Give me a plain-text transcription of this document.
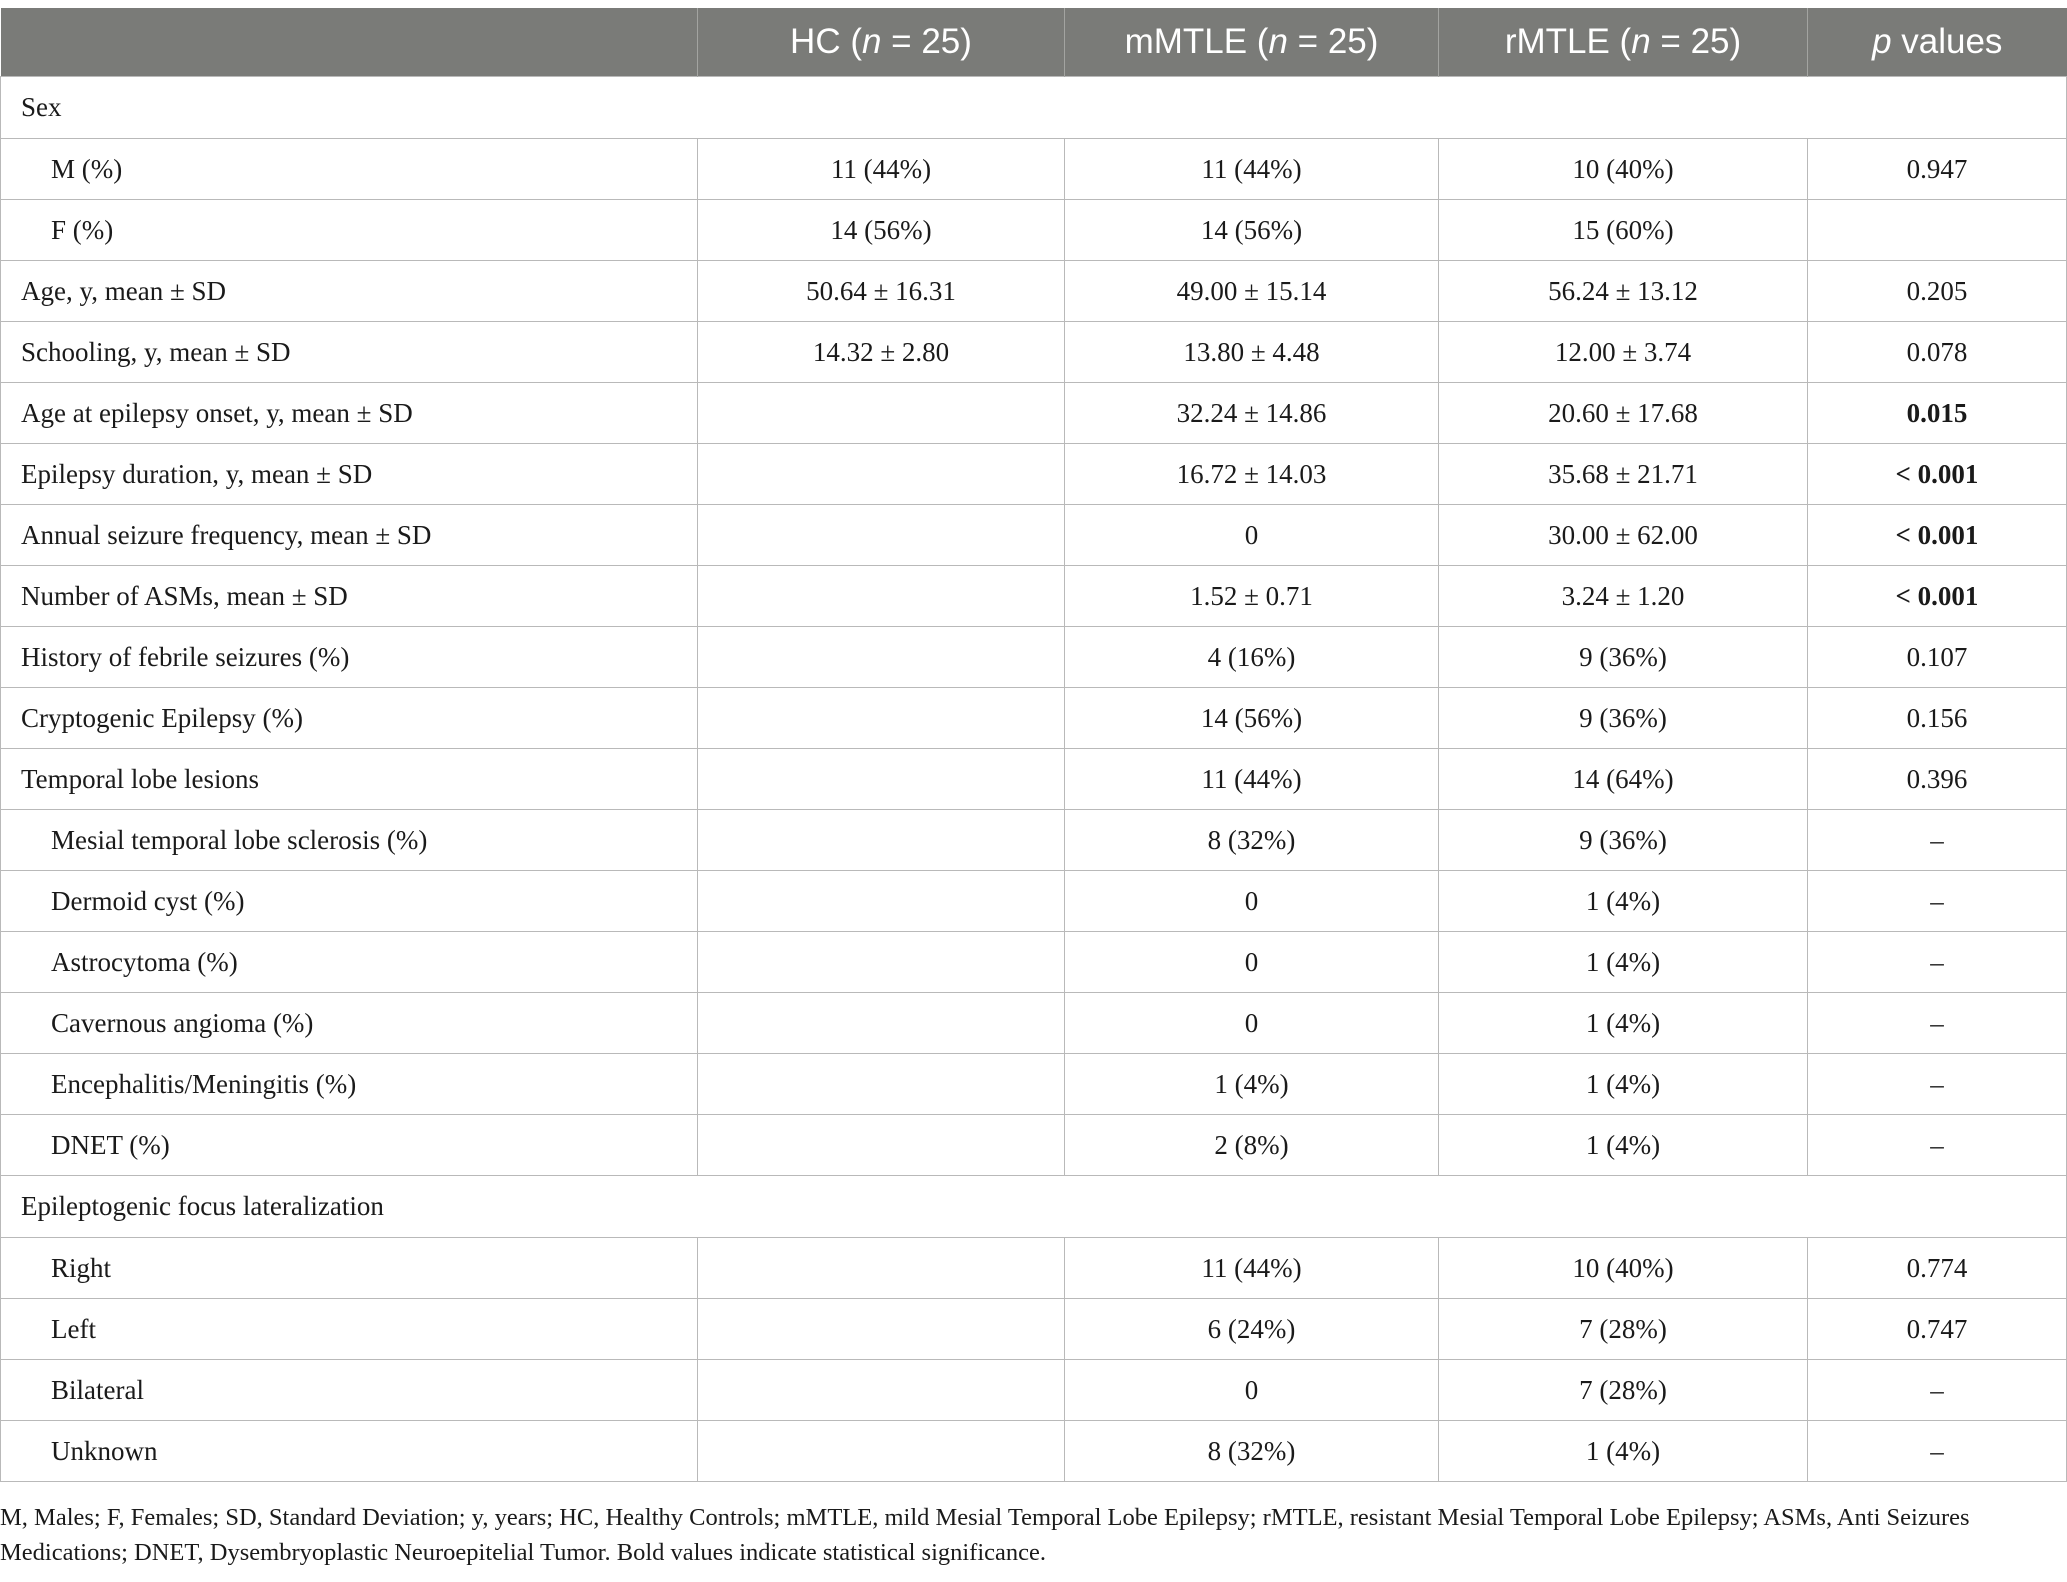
	HC (n = 25)	mMTLE (n = 25)	rMTLE (n = 25)	p values
Sex				
M (%)	11 (44%)	11 (44%)	10 (40%)	0.947
F (%)	14 (56%)	14 (56%)	15 (60%)	
Age, y, mean ± SD	50.64 ± 16.31	49.00 ± 15.14	56.24 ± 13.12	0.205
Schooling, y, mean ± SD	14.32 ± 2.80	13.80 ± 4.48	12.00 ± 3.74	0.078
Age at epilepsy onset, y, mean ± SD		32.24 ± 14.86	20.60 ± 17.68	0.015
Epilepsy duration, y, mean ± SD		16.72 ± 14.03	35.68 ± 21.71	< 0.001
Annual seizure frequency, mean ± SD		0	30.00 ± 62.00	< 0.001
Number of ASMs, mean ± SD		1.52 ± 0.71	3.24 ± 1.20	< 0.001
History of febrile seizures (%)		4 (16%)	9 (36%)	0.107
Cryptogenic Epilepsy (%)		14 (56%)	9 (36%)	0.156
Temporal lobe lesions		11 (44%)	14 (64%)	0.396
Mesial temporal lobe sclerosis (%)		8 (32%)	9 (36%)	–
Dermoid cyst (%)		0	1 (4%)	–
Astrocytoma (%)		0	1 (4%)	–
Cavernous angioma (%)		0	1 (4%)	–
Encephalitis/Meningitis (%)		1 (4%)	1 (4%)	–
DNET (%)		2 (8%)	1 (4%)	–
Epileptogenic focus lateralization				
Right		11 (44%)	10 (40%)	0.774
Left		6 (24%)	7 (28%)	0.747
Bilateral		0	7 (28%)	–
Unknown		8 (32%)	1 (4%)	–
M, Males; F, Females; SD, Standard Deviation; y, years; HC, Healthy Controls; mMTLE, mild Mesial Temporal Lobe Epilepsy; rMTLE, resistant Mesial Temporal Lobe Epilepsy; ASMs, Anti Seizures Medications; DNET, Dysembryoplastic Neuroepitelial Tumor. Bold values indicate statistical significance.
